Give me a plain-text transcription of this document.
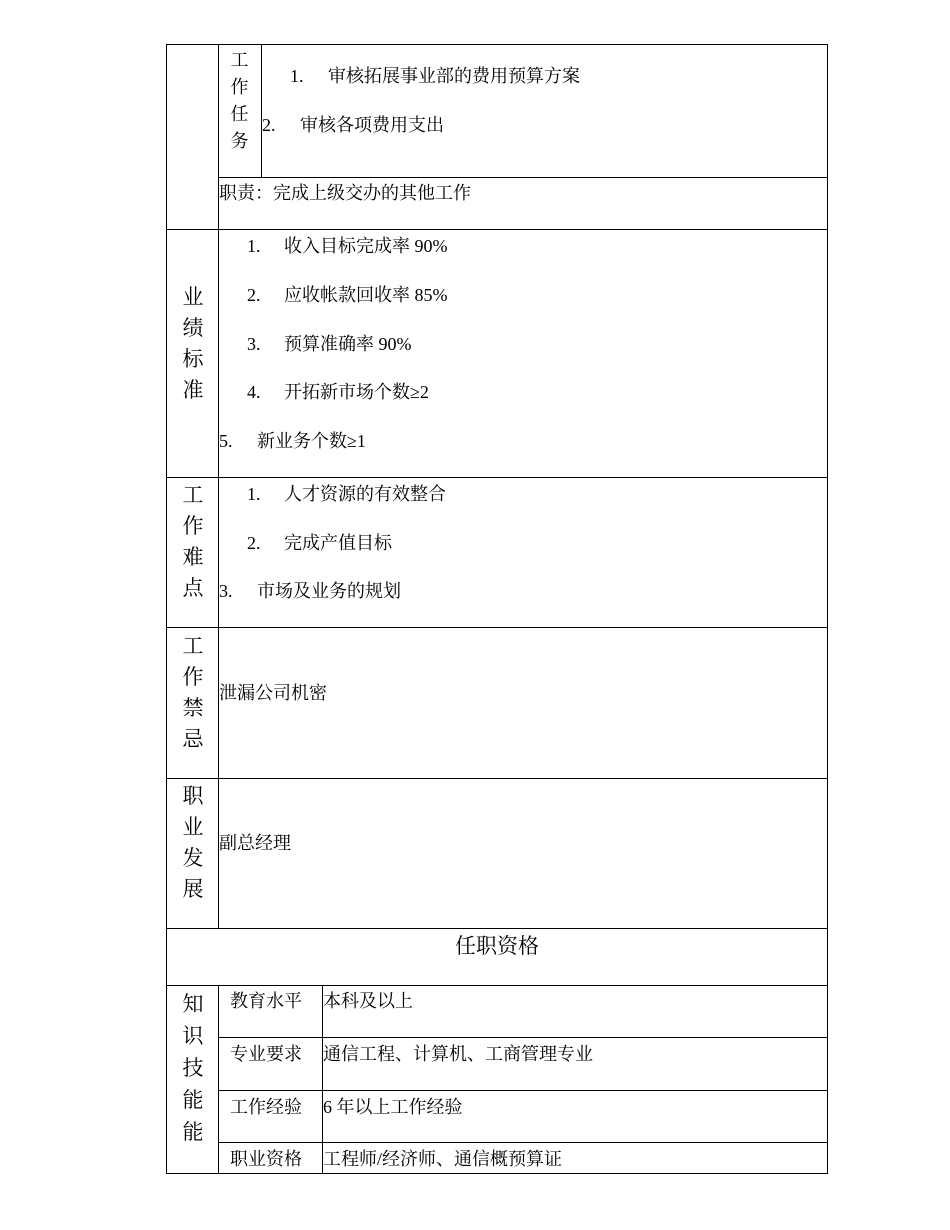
工
作
任
务
1. 审核拓展事业部的费用预算方案
2. 审核各项费用支出
职责：完成上级交办的其他工作
业
绩
标
准
1. 收入目标完成率 90%
2. 应收帐款回收率 85%
3. 预算准确率 90%
4. 开拓新市场个数≥2
5. 新业务个数≥1
工
作
难
点
1. 人才资源的有效整合
2. 完成产值目标
3. 市场及业务的规划
工
作
禁
忌
泄漏公司机密
职
业
发
展
副总经理
任职资格
知
识
技
能
能
教育水平 本科及以上
专业要求 通信工程、计算机、工商管理专业
工作经验 6 年以上工作经验
职业资格 工程师/经济师、通信概预算证
